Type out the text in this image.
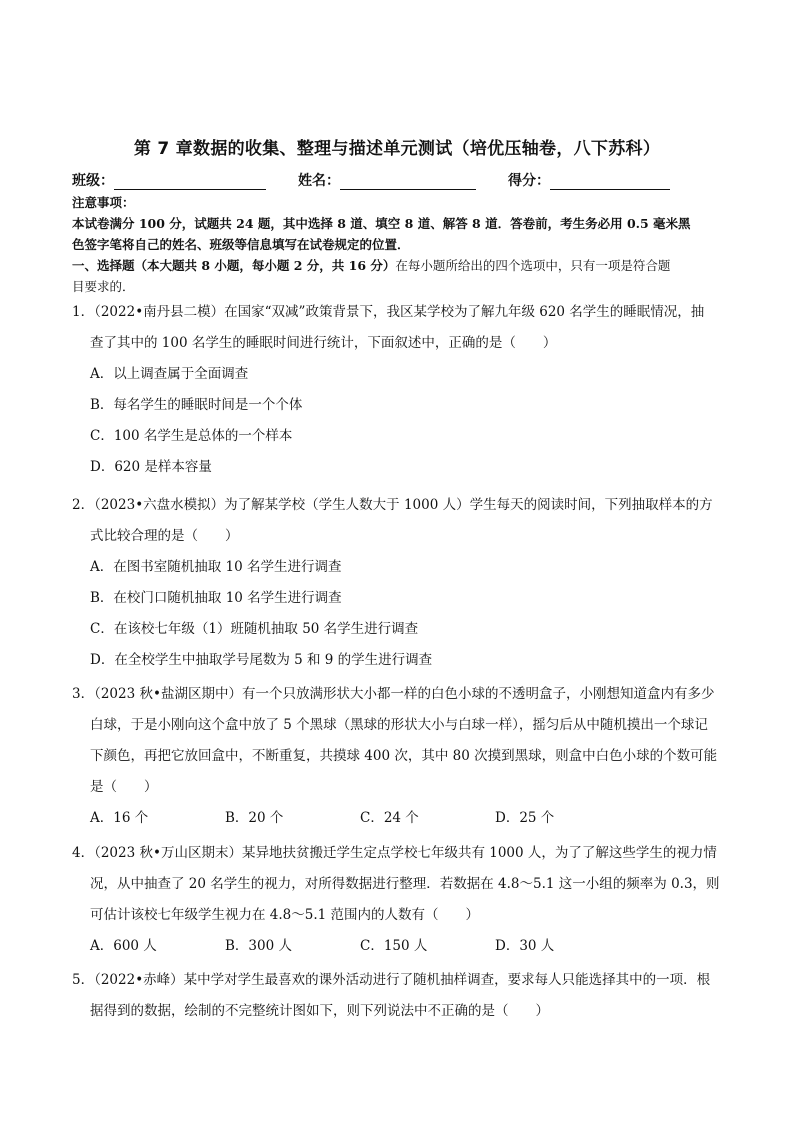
第 7 章数据的收集、整理与描述单元测试（培优压轴卷，八下苏科）
班级：	姓名：	得分：

注意事项：

本试卷满分 100 分，试题共 24 题，其中选择 8 道、填空 8 道、解答 8 道．答卷前，考生务必用 0.5 毫米黑

色签字笔将自己的姓名、班级等信息填写在试卷规定的位置．

一、选择题（本大题共 8 小题，每小题 2 分，共 16 分）在每小题所给出的四个选项中，只有一项是符合题

目要求的．

1．（2022•南丹县二模）在国家“双减”政策背景下，我区某学校为了解九年级 620 名学生的睡眠情况，抽

查了其中的 100 名学生的睡眠时间进行统计，下面叙述中，正确的是（　　）

A．以上调查属于全面调查
B．每名学生的睡眠时间是一个个体
C．100 名学生是总体的一个样本
D．620 是样本容量

2．（2023•六盘水模拟）为了解某学校（学生人数大于 1000 人）学生每天的阅读时间，下列抽取样本的方

式比较合理的是（　　）

A．在图书室随机抽取 10 名学生进行调查
B．在校门口随机抽取 10 名学生进行调查
C．在该校七年级（1）班随机抽取 50 名学生进行调查
D．在全校学生中抽取学号尾数为 5 和 9 的学生进行调查

3．（2023 秋•盐湖区期中）有一个只放满形状大小都一样的白色小球的不透明盒子，小刚想知道盒内有多少

白球，于是小刚向这个盒中放了 5 个黑球（黑球的形状大小与白球一样），摇匀后从中随机摸出一个球记

下颜色，再把它放回盒中，不断重复，共摸球 400 次，其中 80 次摸到黑球，则盒中白色小球的个数可能

是（　　）

A．16 个	B．20 个	C．24 个	D．25 个

4．（2023 秋•万山区期末）某异地扶贫搬迁学生定点学校七年级共有 1000 人，为了了解这些学生的视力情

况，从中抽查了 20 名学生的视力，对所得数据进行整理．若数据在 4.8～5.1 这一小组的频率为 0.3，则

可估计该校七年级学生视力在 4.8～5.1 范围内的人数有（　　）

A．600 人	B．300 人	C．150 人	D．30 人

5．（2022•赤峰）某中学对学生最喜欢的课外活动进行了随机抽样调查，要求每人只能选择其中的一项．根

据得到的数据，绘制的不完整统计图如下，则下列说法中不正确的是（　　）
